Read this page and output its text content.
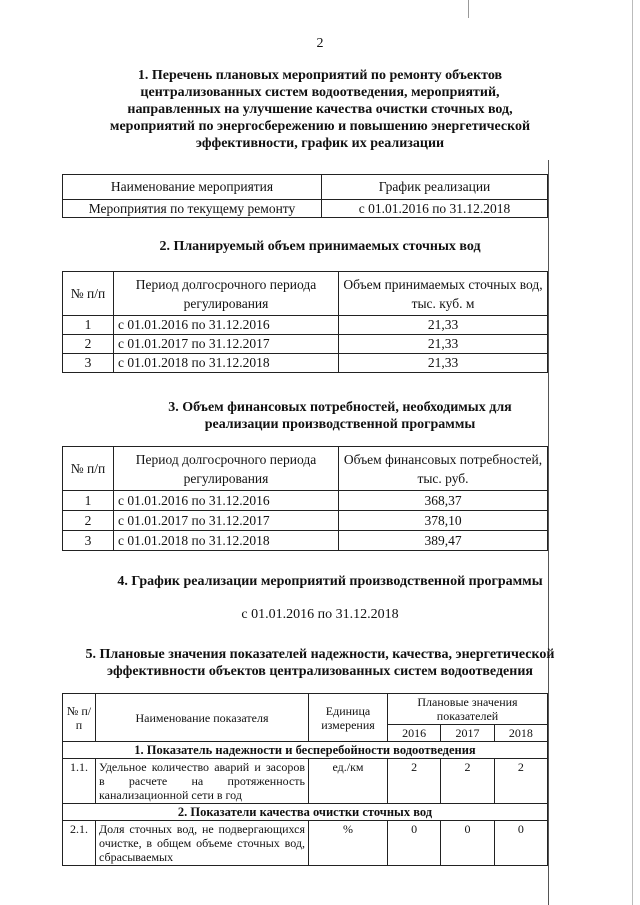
2
1. Перечень плановых мероприятий по ремонту объектов
централизованных систем водоотведения, мероприятий,
направленных на улучшение качества очистки сточных вод,
мероприятий по энергосбережению и повышению энергетической
эффективности, график их реализации
Наименование мероприятия	График реализации
Мероприятия по текущему ремонту	с 01.01.2016 по 31.12.2018
2. Планируемый объем принимаемых сточных вод
№ п/п	Период долгосрочного периода регулирования	Объем принимаемых сточных вод, тыс. куб. м
1	с 01.01.2016 по 31.12.2016	21,33
2	с 01.01.2017 по 31.12.2017	21,33
3	с 01.01.2018 по 31.12.2018	21,33
3. Объем финансовых потребностей, необходимых для
реализации производственной программы
№ п/п	Период долгосрочного периода регулирования	Объем финансовых потребностей, тыс. руб.
1	с 01.01.2016 по 31.12.2016	368,37
2	с 01.01.2017 по 31.12.2017	378,10
3	с 01.01.2018 по 31.12.2018	389,47
4. График реализации мероприятий производственной программы
с 01.01.2016 по 31.12.2018
5. Плановые значения показателей надежности, качества, энергетической
эффективности объектов централизованных систем водоотведения
№ п/п	Наименование показателя	Единица измерения	Плановые значения показателей		
			2016	2017	2018
1. Показатель надежности и бесперебойности водоотведения					
1.1.	Удельное количество аварий и засоров в расчете на протяженность канализационной сети в год	ед./км	2	2	2
2. Показатели качества очистки сточных вод					
2.1.	Доля сточных вод, не подвергающихся очистке, в общем объеме сточных вод, сбрасываемых	%	0	0	0
